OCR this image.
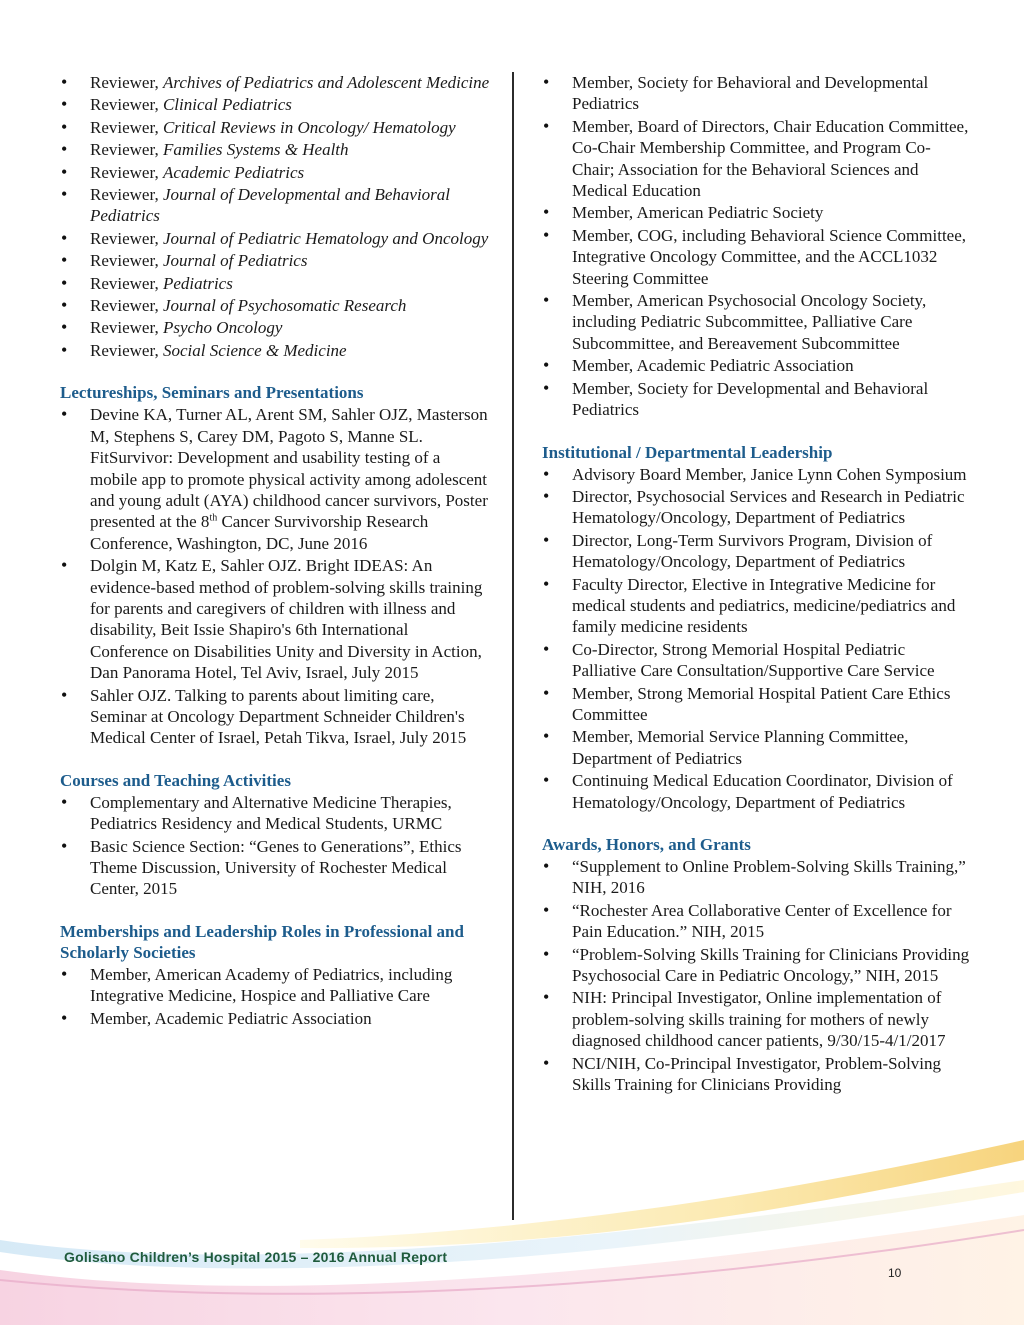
• Reviewer, Archives of Pediatrics and Adolescent Medicine
• Reviewer, Clinical Pediatrics
• Reviewer, Critical Reviews in Oncology/ Hematology
• Reviewer, Families Systems & Health
• Reviewer, Academic Pediatrics
• Reviewer, Journal of Developmental and Behavioral Pediatrics
• Reviewer, Journal of Pediatric Hematology and Oncology
• Reviewer, Journal of Pediatrics
• Reviewer, Pediatrics
• Reviewer, Journal of Psychosomatic Research
• Reviewer, Psycho Oncology
• Reviewer, Social Science & Medicine
Lectureships, Seminars and Presentations
• Devine KA, Turner AL, Arent SM, Sahler OJZ, Masterson M, Stephens S, Carey DM, Pagoto S, Manne SL. FitSurvivor: Development and usability testing of a mobile app to promote physical activity among adolescent and young adult (AYA) childhood cancer survivors, Poster presented at the 8th Cancer Survivorship Research Conference, Washington, DC, June 2016
• Dolgin M, Katz E, Sahler OJZ. Bright IDEAS: An evidence-based method of problem-solving skills training for parents and caregivers of children with illness and disability, Beit Issie Shapiro's 6th International Conference on Disabilities Unity and Diversity in Action, Dan Panorama Hotel, Tel Aviv, Israel, July 2015
• Sahler OJZ. Talking to parents about limiting care, Seminar at Oncology Department Schneider Children's Medical Center of Israel, Petah Tikva, Israel, July 2015
Courses and Teaching Activities
• Complementary and Alternative Medicine Therapies, Pediatrics Residency and Medical Students, URMC
• Basic Science Section: “Genes to Generations”, Ethics Theme Discussion, University of Rochester Medical Center, 2015
Memberships and Leadership Roles in Professional and Scholarly Societies
• Member, American Academy of Pediatrics, including Integrative Medicine, Hospice and Palliative Care
• Member, Academic Pediatric Association
• Member, Society for Behavioral and Developmental Pediatrics
• Member, Board of Directors, Chair Education Committee, Co-Chair Membership Committee, and Program Co-Chair; Association for the Behavioral Sciences and Medical Education
• Member, American Pediatric Society
• Member, COG, including Behavioral Science Committee, Integrative Oncology Committee, and the ACCL1032 Steering Committee
• Member, American Psychosocial Oncology Society, including Pediatric Subcommittee, Palliative Care Subcommittee, and Bereavement Subcommittee
• Member, Academic Pediatric Association
• Member, Society for Developmental and Behavioral Pediatrics
Institutional / Departmental Leadership
• Advisory Board Member, Janice Lynn Cohen Symposium
• Director, Psychosocial Services and Research in Pediatric Hematology/Oncology, Department of Pediatrics
• Director, Long-Term Survivors Program, Division of Hematology/Oncology, Department of Pediatrics
• Faculty Director, Elective in Integrative Medicine for medical students and pediatrics, medicine/pediatrics and family medicine residents
• Co-Director, Strong Memorial Hospital Pediatric Palliative Care Consultation/Supportive Care Service
• Member, Strong Memorial Hospital Patient Care Ethics Committee
• Member, Memorial Service Planning Committee, Department of Pediatrics
• Continuing Medical Education Coordinator, Division of Hematology/Oncology, Department of Pediatrics
Awards, Honors, and Grants
• “Supplement to Online Problem-Solving Skills Training,” NIH, 2016
• “Rochester Area Collaborative Center of Excellence for Pain Education.” NIH, 2015
• “Problem-Solving Skills Training for Clinicians Providing Psychosocial Care in Pediatric Oncology,” NIH, 2015
• NIH: Principal Investigator, Online implementation of problem-solving skills training for mothers of newly diagnosed childhood cancer patients, 9/30/15-4/1/2017
• NCI/NIH, Co-Principal Investigator, Problem-Solving Skills Training for Clinicians Providing
Golisano Children’s Hospital 2015 – 2016 Annual Report
10
